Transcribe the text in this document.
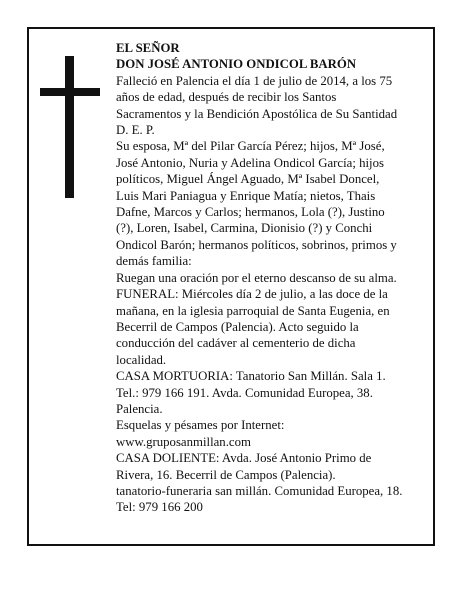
EL SEÑOR
DON JOSÉ ANTONIO ONDICOL BARÓN
Falleció en Palencia el día 1 de julio de 2014, a los 75
años de edad, después de recibir los Santos
Sacramentos y la Bendición Apostólica de Su Santidad
D. E. P.
Su esposa, Mª del Pilar García Pérez; hijos, Mª José,
José Antonio, Nuria y Adelina Ondicol García; hijos
políticos, Miguel Ángel Aguado, Mª Isabel Doncel,
Luis Mari Paniagua y Enrique Matía; nietos, Thais
Dafne, Marcos y Carlos; hermanos, Lola (?), Justino
(?), Loren, Isabel, Carmina, Dionisio (?) y Conchi
Ondicol Barón; hermanos políticos, sobrinos, primos y
demás familia:
Ruegan una oración por el eterno descanso de su alma.
FUNERAL: Miércoles día 2 de julio, a las doce de la
mañana, en la iglesia parroquial de Santa Eugenia, en
Becerril de Campos (Palencia). Acto seguido la
conducción del cadáver al cementerio de dicha
localidad.
CASA MORTUORIA: Tanatorio San Millán. Sala 1.
Tel.: 979 166 191. Avda. Comunidad Europea, 38.
Palencia.
Esquelas y pésames por Internet:
www.gruposanmillan.com
CASA DOLIENTE: Avda. José Antonio Primo de
Rivera, 16. Becerril de Campos (Palencia).
tanatorio-funeraria san millán. Comunidad Europea, 18.
Tel: 979 166 200
